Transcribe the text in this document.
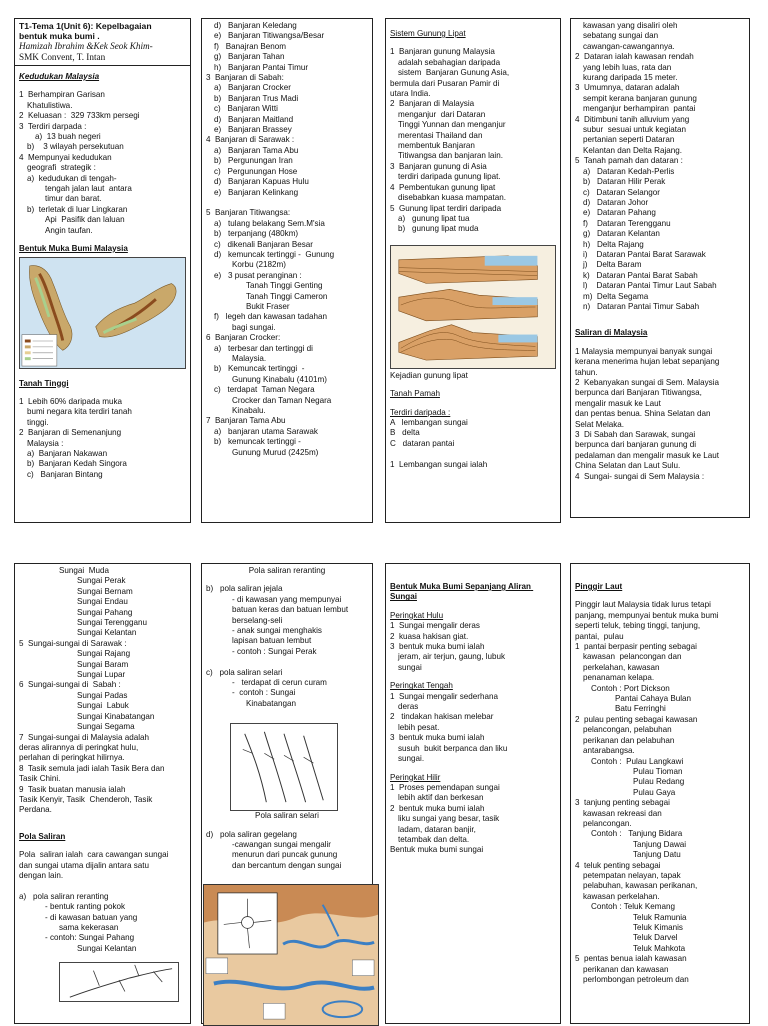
T1-Tema 1(Unit 6): Kepelbagaian

bentuk muka bumi .

Hamizah Ibrahim &Kek Seok Khim-

SMK Convent, T. Intan

Kedudukan Malaysia

1  Berhampiran Garisan

Khatulistiwa.

2  Keluasan :  329 733km persegi

3  Terdiri darpada :

a)  13 buah negeri

b)    3 wilayah persekutuan

4  Mempunyai kedudukan

geografi  strategik :

a)  kedudukan di tengah-

tengah jalan laut  antara

timur dan barat.

b)  terletak di luar Lingkaran

Api  Pasifik dan laluan

Angin taufan.

Bentuk Muka Bumi Malaysia

Tanah Tinggi

1  Lebih 60% daripada muka

bumi negara kita terdiri tanah

tinggi.

2  Banjaran di Semenanjung

Malaysia :

a)  Banjaran Nakawan

b)  Banjaran Kedah Singora

c)   Banjaran Bintang

d)   Banjaran Keledang

e)   Banjaran Titiwangsa/Besar

f)   Banajran Benom

g)   Banjaran Tahan

h)   Banjaran Pantai Timur

3  Banjaran di Sabah:

a)   Banjaran Crocker

b)   Banjaran Trus Madi

c)   Banjaran Witti

d)   Banjaran Maitland

e)   Banjaran Brassey

4  Banjaran di Sarawak :

a)   Banjaran Tama Abu

b)   Pergunungan Iran

c)   Pergunungan Hose

d)   Banjaran Kapuas Hulu

e)   Banjaran Kelinkang

5  Banjaran Titiwangsa:

a)   tulang belakang Sem.M'sia

b)   terpanjang (480km)

c)   dikenali Banjaran Besar

d)   kemuncak tertinggi -  Gunung

Korbu (2182m)

e)   3 pusat peranginan :

Tanah Tinggi Genting

Tanah Tinggi Cameron

Bukit Fraser

f)   legeh dan kawasan tadahan

bagi sungai.

6  Banjaran Crocker:

a)   terbesar dan tertinggi di

Malaysia.

b)   Kemuncak tertinggi  -

Gunung Kinabalu (4101m)

c)   terdapat  Taman Negara

Crocker dan Taman Negara

Kinabalu.

7  Banjaran Tama Abu

a)   banjaran utama Sarawak

b)   kemuncak tertinggi -

Gunung Murud (2425m)

Sistem Gunung Lipat

1  Banjaran gunung Malaysia

adalah sebahagian daripada

sistem  Banjaran Gunung Asia,

bermula dari Pusaran Pamir di

utara India.

2  Banjaran di Malaysia

menganjur  dari Dataran

Tinggi Yunnan dan menganjur

merentasi Thailand dan

membentuk Banjaran

Titiwangsa dan banjaran lain.

3  Banjaran gunung di Asia

terdiri daripada gunung lipat.

4  Pembentukan gunung lipat

disebabkan kuasa mampatan.

5  Gunung lipat terdiri daripada

a)   gunung lipat tua

b)   gunung lipat muda

Kejadian gunung lipat

Tanah Pamah

Terdiri daripada :

A   lembangan sungai

B   delta

C   dataran pantai

1  Lembangan sungai ialah

kawasan yang disaliri oleh

sebatang sungai dan

cawangan-cawangannya.

2  Dataran ialah kawasan rendah

yang lebih luas, rata dan

kurang daripada 15 meter.

3  Umumnya, dataran adalah

sempit kerana banjaran gunung

menganjur berhampiran  pantai

4  Ditimbuni tanih alluvium yang

subur  sesuai untuk kegiatan

pertanian seperti Dataran

Kelantan dan Delta Rajang.

5  Tanah pamah dan dataran :

a)   Dataran Kedah-Perlis

b)   Dataran Hilir Perak

c)   Dataran Selangor

d)   Dataran Johor

e)   Dataran Pahang

f)    Dataran Terengganu

g)   Dataran Kelantan

h)   Delta Rajang

i)    Dataran Pantai Barat Sarawak

j)    Delta Baram

k)   Dataran Pantai Barat Sabah

l)    Dataran Pantai Timur Laut Sabah

m)  Delta Segama

n)   Dataran Pantai Timur Sabah

Saliran di Malaysia

1 Malaysia mempunyai banyak sungai

kerana menerima hujan lebat sepanjang

tahun.

2  Kebanyakan sungai di Sem. Malaysia

berpunca dari Banjaran Titiwangsa,

mengalir masuk ke Laut

dan pentas benua. Shina Selatan dan

Selat Melaka.

3  Di Sabah dan Sarawak, sungai

berpunca dari banjaran gunung di

pedalaman dan mengalir masuk ke Laut

China Selatan dan Laut Sulu.

4  Sungai- sungai di Sem Malaysia :

Sungai  Muda

Sungai Perak

Sungai Bernam

Sungai Endau

Sungai Pahang

Sungai Terengganu

Sungai Kelantan

5  Sungai-sungai di Sarawak :

Sungai Rajang

Sungai Baram

Sungai Lupar

6  Sungai-sungai di  Sabah :

Sungai Padas

Sungai  Labuk

Sungai Kinabatangan

Sungai Segama

7  Sungai-sungai di Malaysia adalah

deras alirannya di peringkat hulu,

perlahan di peringkat hilirnya.

8  Tasik semula jadi ialah Tasik Bera dan

Tasik Chini.

9  Tasik buatan manusia ialah

Tasik Kenyir, Tasik  Chenderoh, Tasik

Perdana.

Pola Saliran

Pola  saliran ialah  cara cawangan sungai

dan sungai utama dijalin antara satu

dengan lain.

a)   pola saliran reranting

- bentuk ranting pokok

- di kawasan batuan yang

sama kekerasan

- contoh: Sungai Pahang

Sungai Kelantan

Pola saliran reranting

b)   pola saliran jejala

- di kawasan yang mempunyai

batuan keras dan batuan lembut

berselang-seli

- anak sungai menghakis

lapisan batuan lembut

- contoh : Sungai Perak

c)   pola saliran selari

-   terdapat di cerun curam

-  contoh : Sungai

Kinabatangan

Pola saliran selari

d)   pola saliran gegelang

-cawangan sungai mengalir

menurun dari puncak gunung

dan bercantum dengan sungai

Bentuk Muka Bumi Sepanjang Aliran Sungai

Peringkat Hulu

1  Sungai mengalir deras

2  kuasa hakisan giat.

3  bentuk muka bumi ialah

jeram, air terjun, gaung, lubuk

sungai

Peringkat Tengah

1  Sungai mengalir sederhana

deras

2   tindakan hakisan melebar

lebih pesat.

3  bentuk muka bumi ialah

susuh  bukit berpanca dan liku

sungai.

Peringkat Hilir

1  Proses pemendapan sungai

lebih aktif dan berkesan

2  bentuk muka bumi ialah

liku sungai yang besar, tasik

ladam, dataran banjir,

tetambak dan delta.

Bentuk muka bumi sungai

Pinggir Laut

Pinggir laut Malaysia tidak lurus tetapi

panjang, mempunyai bentuk muka bumi

seperti teluk, tebing tinggi, tanjung,

pantai,  pulau

1  pantai berpasir penting sebagai

kawasan  pelancongan dan

perkelahan, kawasan

penanaman kelapa.

Contoh : Port Dickson

Pantai Cahaya Bulan

Batu Ferringhi

2  pulau penting sebagai kawasan

pelancongan, pelabuhan

perikanan dan pelabuhan

antarabangsa.

Contoh :  Pulau Langkawi

Pulau Tioman

Pulau Redang

Pulau Gaya

3  tanjung penting sebagai

kawasan rekreasi dan

pelancongan.

Contoh :   Tanjung Bidara

Tanjung Dawai

Tanjung Datu

4  teluk penting sebagai

petempatan nelayan, tapak

pelabuhan, kawasan perikanan,

kawasan perkelahan.

Contoh : Teluk Kemang

Teluk Ramunia

Teluk Kimanis

Teluk Darvel

Teluk Mahkota

5  pentas benua ialah kawasan

perikanan dan kawasan

perlombongan petroleum dan
